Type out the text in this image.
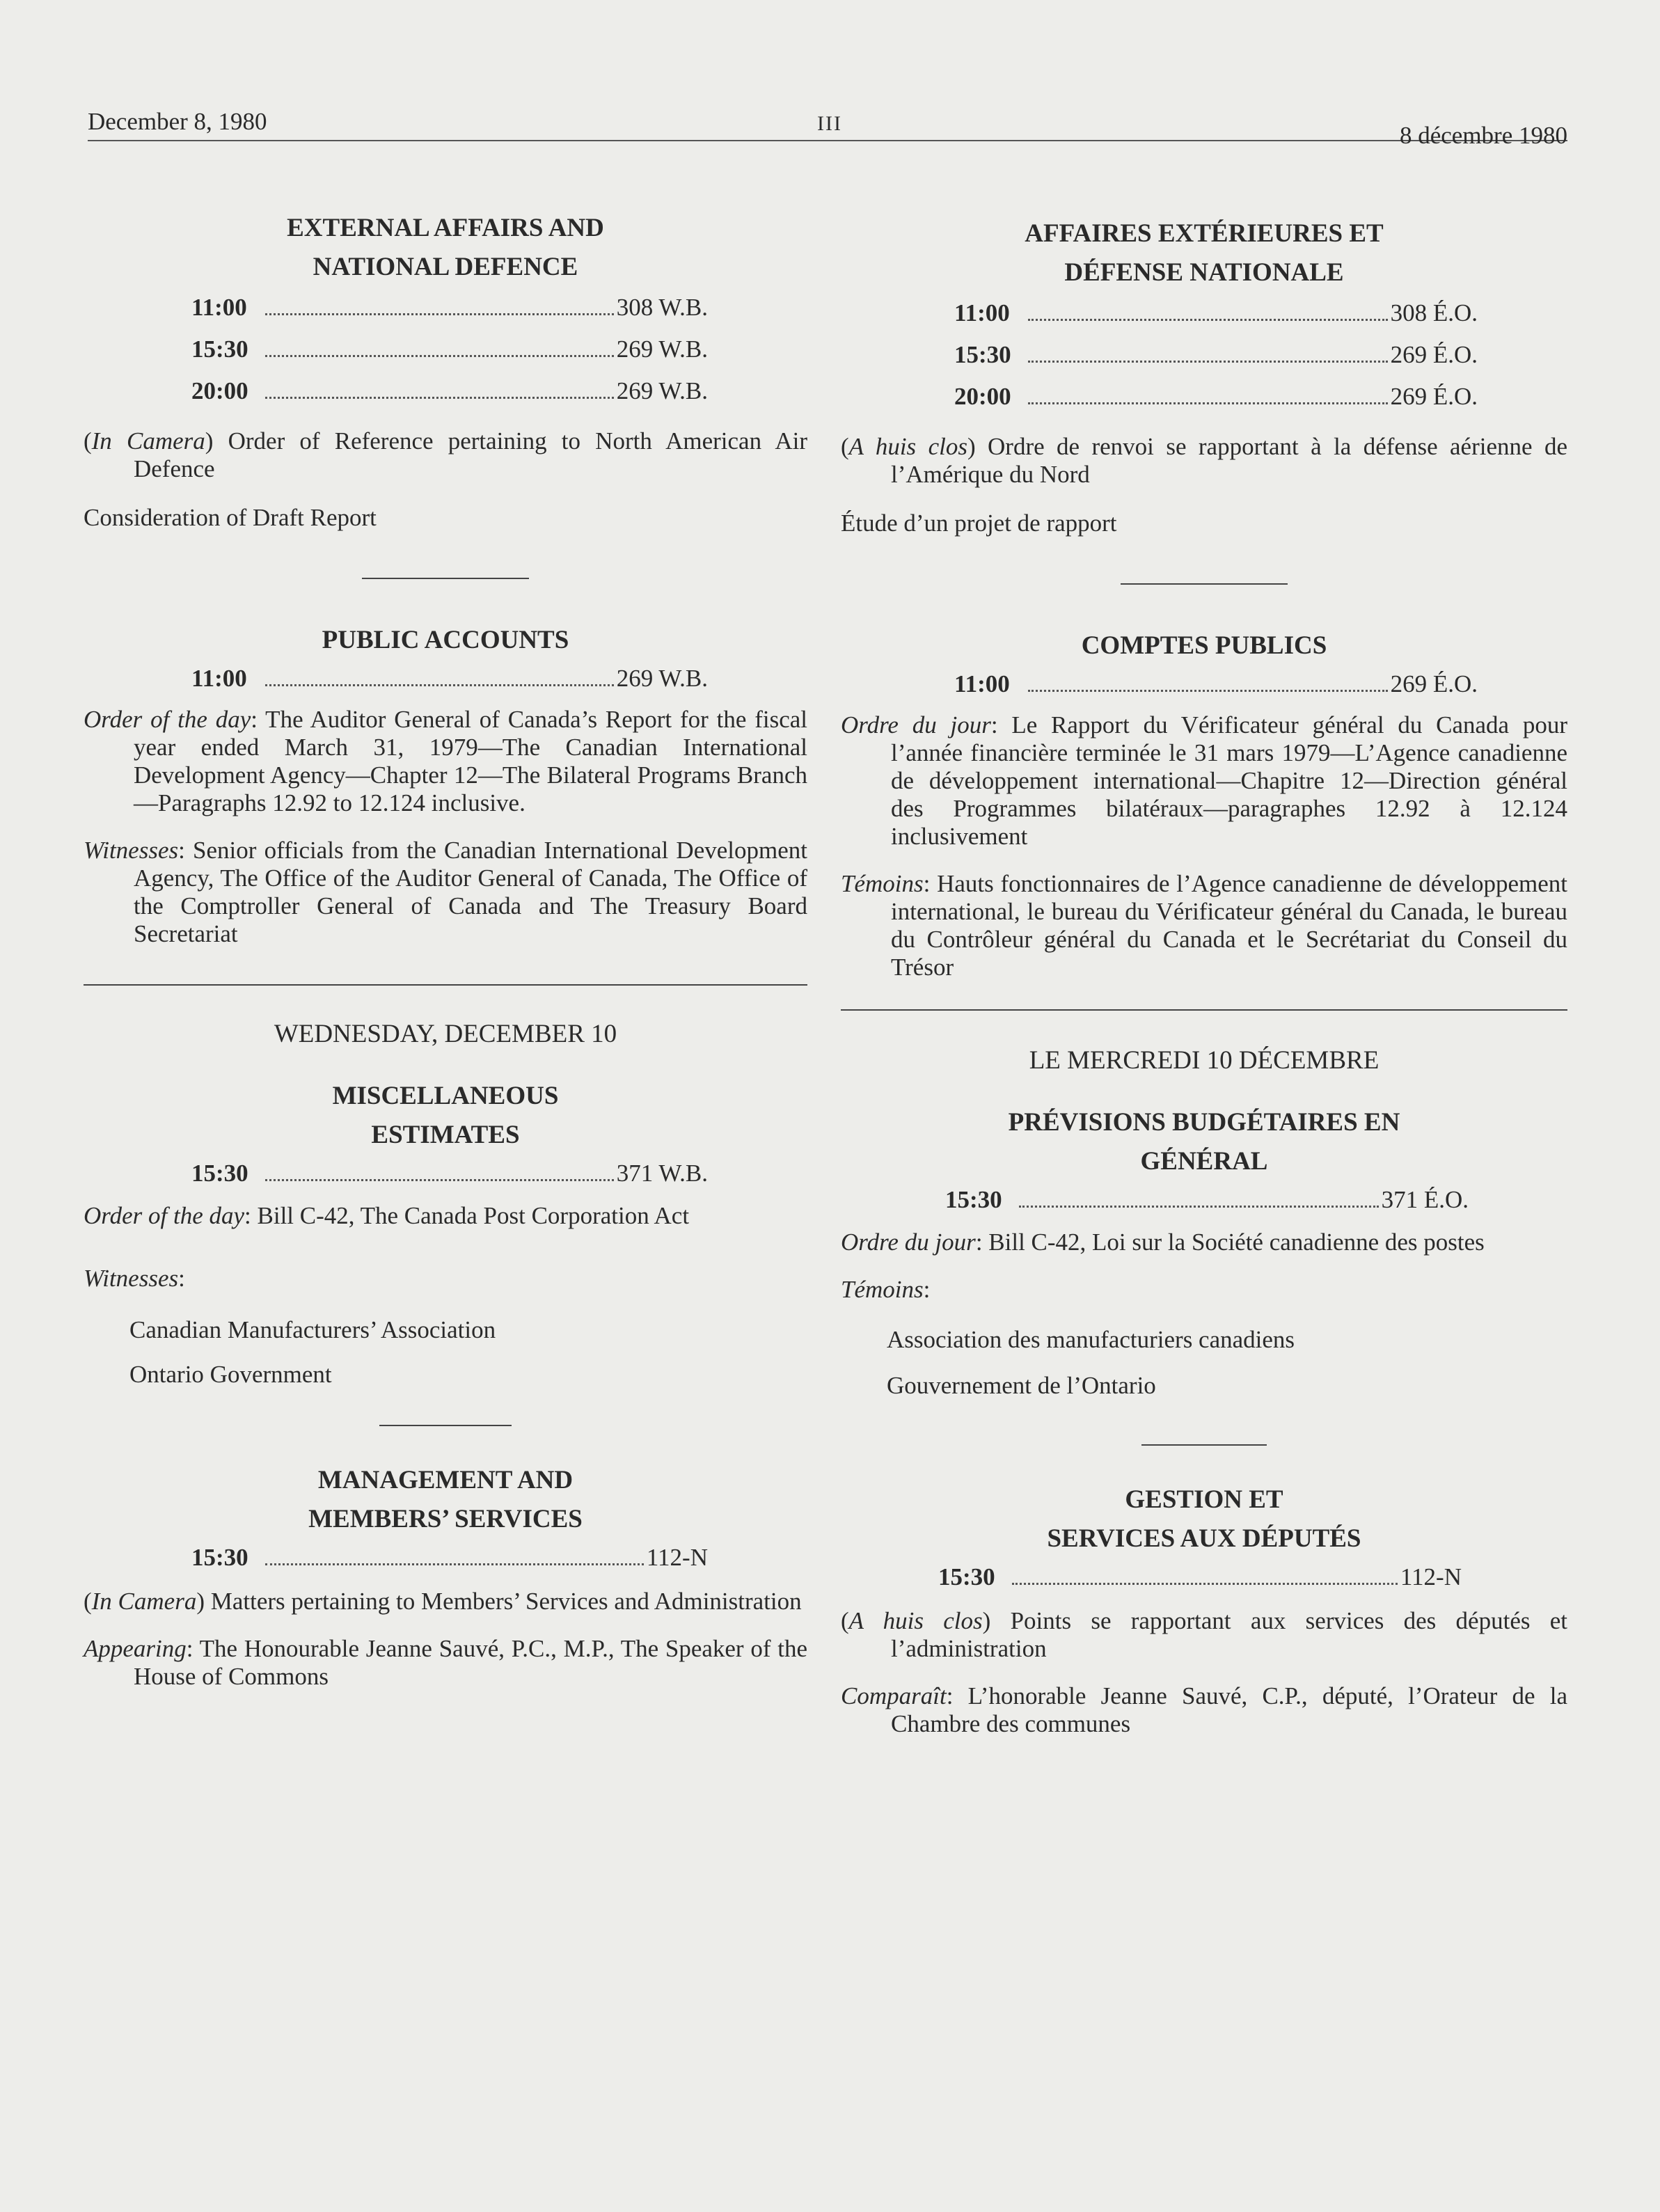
December 8, 1980	III	8 décembre 1980

EXTERNAL AFFAIRS AND

NATIONAL DEFENCE

11:00	308 W.B.
15:30	269 W.B.
20:00	269 W.B.

(In Camera) Order of Reference pertaining to North American Air Defence

Consideration of Draft Report

PUBLIC ACCOUNTS

11:00	269 W.B.

Order of the day: The Auditor General of Canada’s Report for the fiscal year ended March 31, 1979—The Canadian International Development Agency—Chapter 12—The Bilateral Programs Branch—Paragraphs 12.92 to 12.124 inclusive.

Witnesses: Senior officials from the Canadian International Development Agency, The Office of the Auditor General of Canada, The Office of the Comptroller General of Canada and The Treasury Board Secretariat

WEDNESDAY, DECEMBER 10

MISCELLANEOUS

ESTIMATES

15:30	371 W.B.

Order of the day: Bill C-42, The Canada Post Corporation Act

Witnesses:

Canadian Manufacturers’ Association

Ontario Government

MANAGEMENT AND

MEMBERS’ SERVICES

15:30	112-N

(In Camera) Matters pertaining to Members’ Services and Administration

Appearing: The Honourable Jeanne Sauvé, P.C., M.P., The Speaker of the House of Commons

AFFAIRES EXTÉRIEURES ET

DÉFENSE NATIONALE

11:00	308 É.O.
15:30	269 É.O.
20:00	269 É.O.

(A huis clos) Ordre de renvoi se rapportant à la défense aérienne de l’Amérique du Nord

Étude d’un projet de rapport

COMPTES PUBLICS

11:00	269 É.O.

Ordre du jour: Le Rapport du Vérificateur général du Canada pour l’année financière terminée le 31 mars 1979—L’Agence canadienne de développement international—Chapitre 12—Direction général des Programmes bilatéraux—paragraphes 12.92 à 12.124 inclusivement

Témoins: Hauts fonctionnaires de l’Agence canadienne de développement international, le bureau du Vérificateur général du Canada, le bureau du Contrôleur général du Canada et le Secrétariat du Conseil du Trésor

LE MERCREDI 10 DÉCEMBRE

PRÉVISIONS BUDGÉTAIRES EN

GÉNÉRAL

15:30	371 É.O.

Ordre du jour: Bill C-42, Loi sur la Société canadienne des postes

Témoins:

Association des manufacturiers canadiens

Gouvernement de l’Ontario

GESTION ET

SERVICES AUX DÉPUTÉS

15:30	112-N

(A huis clos) Points se rapportant aux services des députés et l’administration

Comparaît: L’honorable Jeanne Sauvé, C.P., député, l’Orateur de la Chambre des communes
